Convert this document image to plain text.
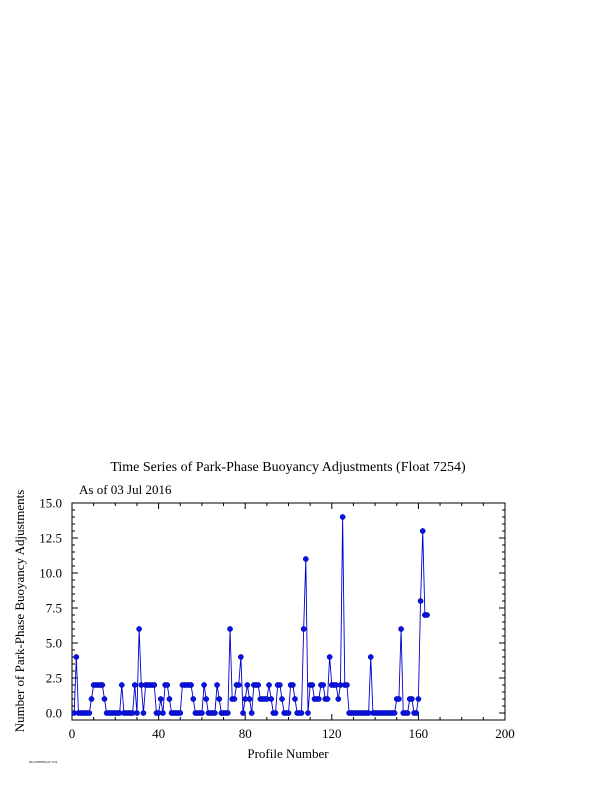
Time Series of Park-Phase Buoyancy Adjustments (Float 7254)
As of 03 Jul 2016
Number of Park-Phase Buoyancy Adjustments
Profile Number
0	40	80	120	160	200
0.0
2.5
5.0
7.5
10.0
12.5
15.0
PAGTIMEBUOY 7254
